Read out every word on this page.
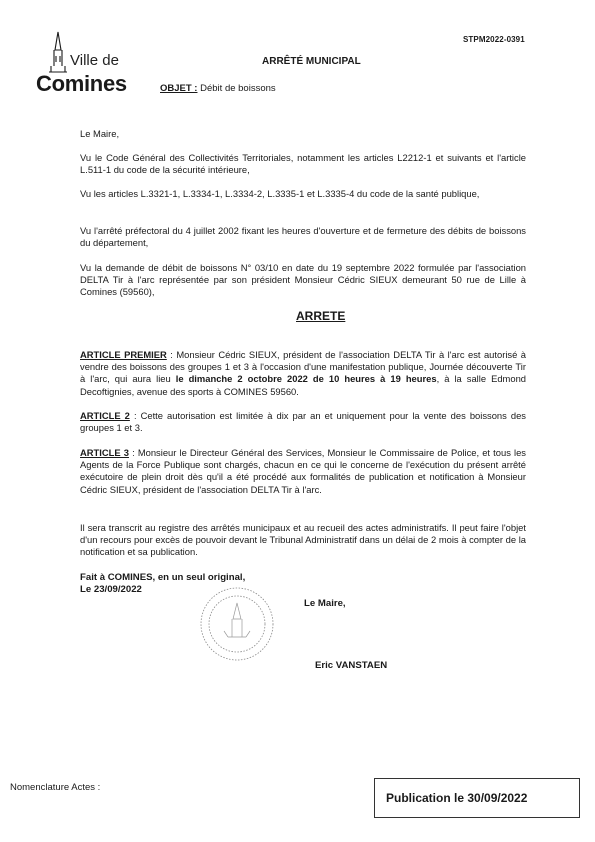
STPM2022-0391
Ville de
Comines
ARRÊTÉ MUNICIPAL
OBJET : Débit de boissons
Le Maire,
Vu le Code Général des Collectivités Territoriales, notamment les articles L2212-1 et suivants et l'article L.511-1 du code de la sécurité intérieure,
Vu les articles L.3321-1, L.3334-1, L.3334-2, L.3335-1 et L.3335-4 du code de la santé publique,
Vu l'arrêté préfectoral du 4 juillet 2002 fixant les heures d'ouverture et de fermeture des débits de boissons du département,
Vu la demande de débit de boissons N° 03/10 en date du 19 septembre 2022 formulée par l'association DELTA Tir à l'arc représentée par son président Monsieur Cédric SIEUX demeurant 50 rue de Lille à Comines (59560),
ARRETE
ARTICLE PREMIER : Monsieur Cédric SIEUX, président de l'association DELTA Tir à l'arc est autorisé à vendre des boissons des groupes 1 et 3 à l'occasion d'une manifestation publique, Journée découverte Tir à l'arc, qui aura lieu le dimanche 2 octobre 2022 de 10 heures à 19 heures, à la salle Edmond Decoftignies, avenue des sports à COMINES 59560.
ARTICLE 2 : Cette autorisation est limitée à dix par an et uniquement pour la vente des boissons des groupes 1 et 3.
ARTICLE 3 : Monsieur le Directeur Général des Services, Monsieur le Commissaire de Police, et tous les Agents de la Force Publique sont chargés, chacun en ce qui le concerne de l'exécution du présent arrêté exécutoire de plein droit dès qu'il a été procédé aux formalités de publication et notification à Monsieur Cédric SIEUX, président de l'association DELTA Tir à l'arc.
Il sera transcrit au registre des arrêtés municipaux et au recueil des actes administratifs. Il peut faire l'objet d'un recours pour excès de pouvoir devant le Tribunal Administratif dans un délai de 2 mois à compter de la notification et sa publication.
Fait à COMINES, en un seul original,
Le 23/09/2022
Le Maire,
Eric VANSTAEN
Nomenclature Actes :
Publication le 30/09/2022
